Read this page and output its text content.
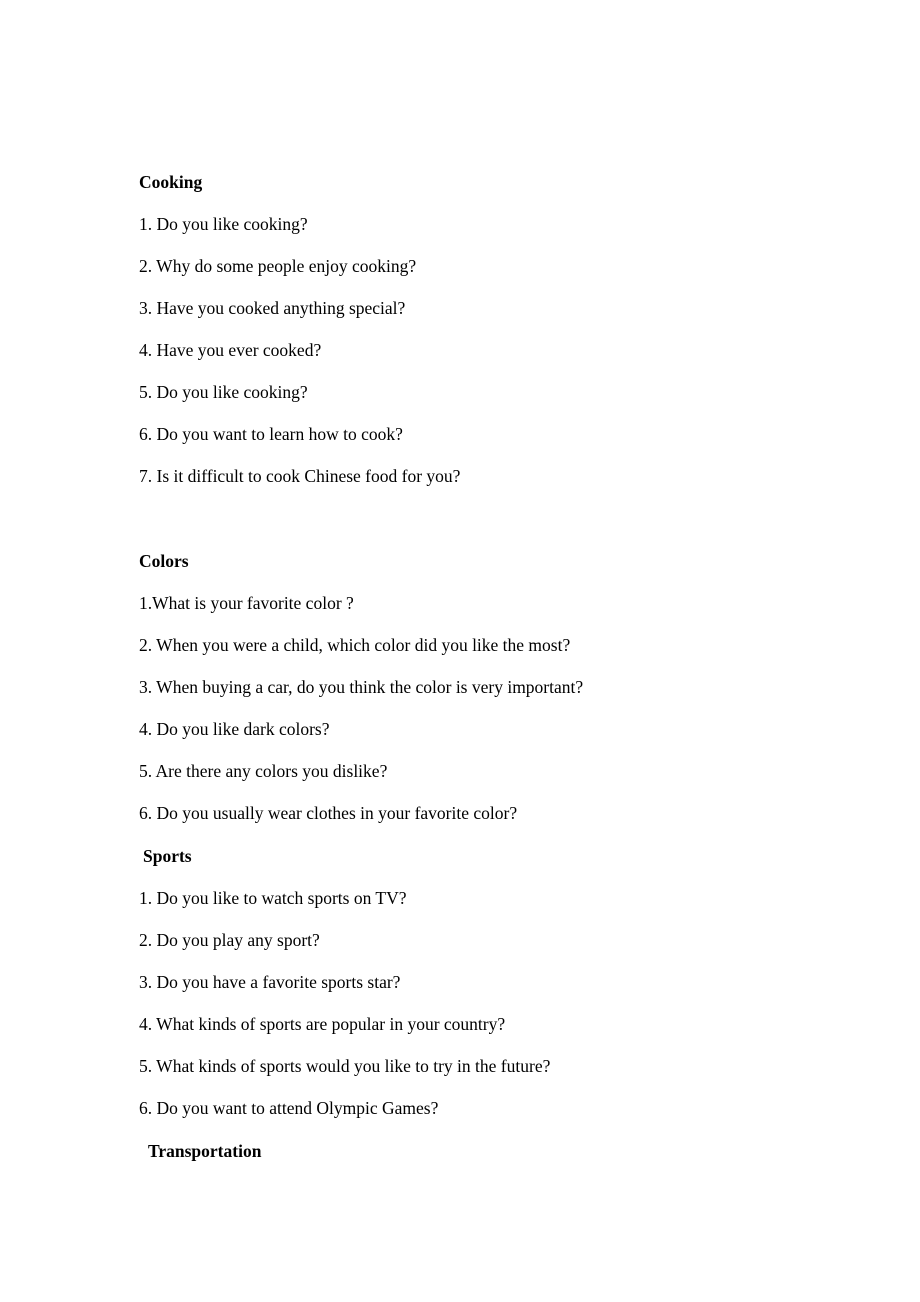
Cooking
1. Do you like cooking?
2. Why do some people enjoy cooking?
3. Have you cooked anything special?
4. Have you ever cooked?
5. Do you like cooking?
6. Do you want to learn how to cook?
7. Is it difficult to cook Chinese food for you?
Colors
1.What is your favorite color ?
2. When you were a child, which color did you like the most?
3. When buying a car, do you think the color is very important?
4. Do you like dark colors?
5. Are there any colors you dislike?
6. Do you usually wear clothes in your favorite color?
Sports
1. Do you like to watch sports on TV?
2. Do you play any sport?
3. Do you have a favorite sports star?
4. What kinds of sports are popular in your country?
5. What kinds of sports would you like to try in the future?
6. Do you want to attend Olympic Games?
Transportation
